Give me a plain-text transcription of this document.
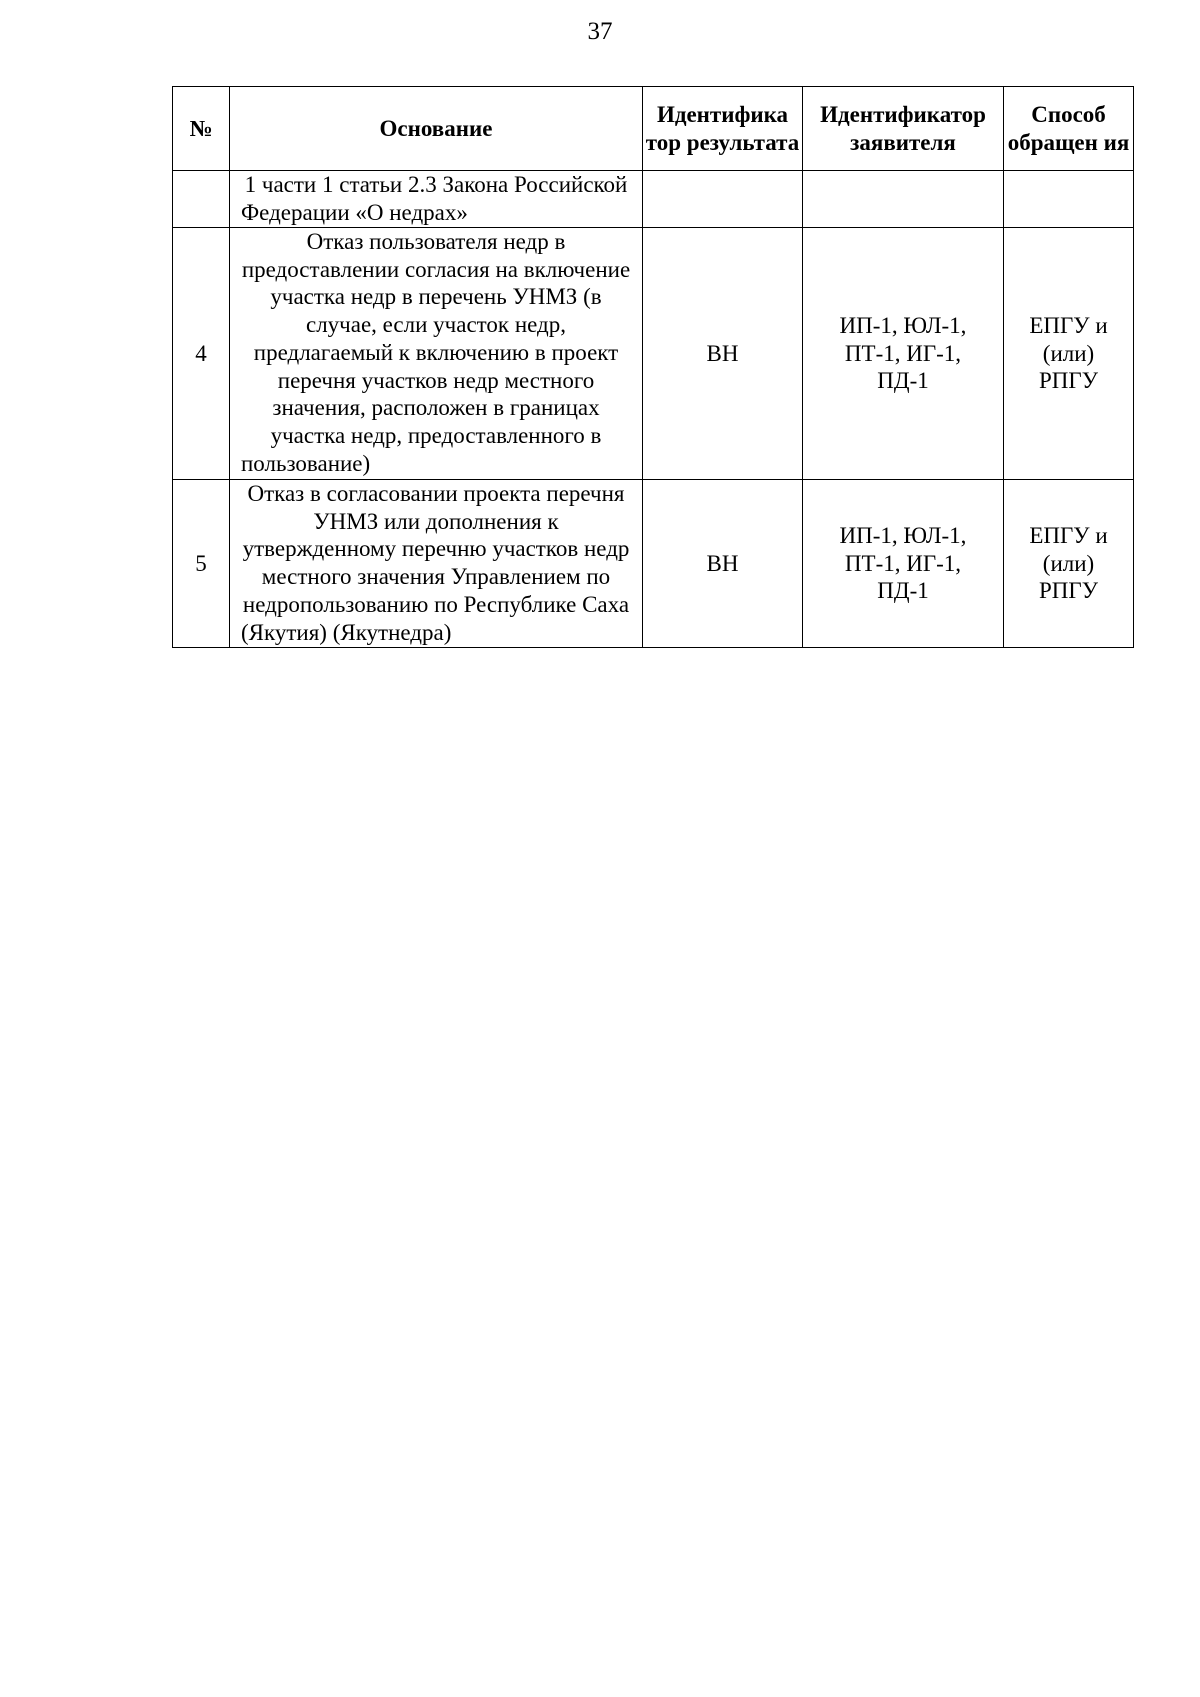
37
№	Основание	Идентифика тор результата	Идентификатор заявителя	Способ обращен ия

	1 части 1 статьи 2.3 Закона Российской Федерации «О недрах»			

4	Отказ пользователя недр в предоставлении согласия на включение участка недр в перечень УНМЗ (в случае, если участок недр, предлагаемый к включению в проект перечня участков недр местного значения, расположен в границах участка недр, предоставленного в пользование)	ВН	ИП-1, ЮЛ-1, ПТ-1, ИГ-1, ПД-1	ЕПГУ и (или) РПГУ

5	Отказ в согласовании проекта перечня УНМЗ или дополнения к утвержденному перечню участков недр местного значения Управлением по недропользованию по Республике Саха (Якутия) (Якутнедра)	ВН	ИП-1, ЮЛ-1, ПТ-1, ИГ-1, ПД-1	ЕПГУ и (или) РПГУ
